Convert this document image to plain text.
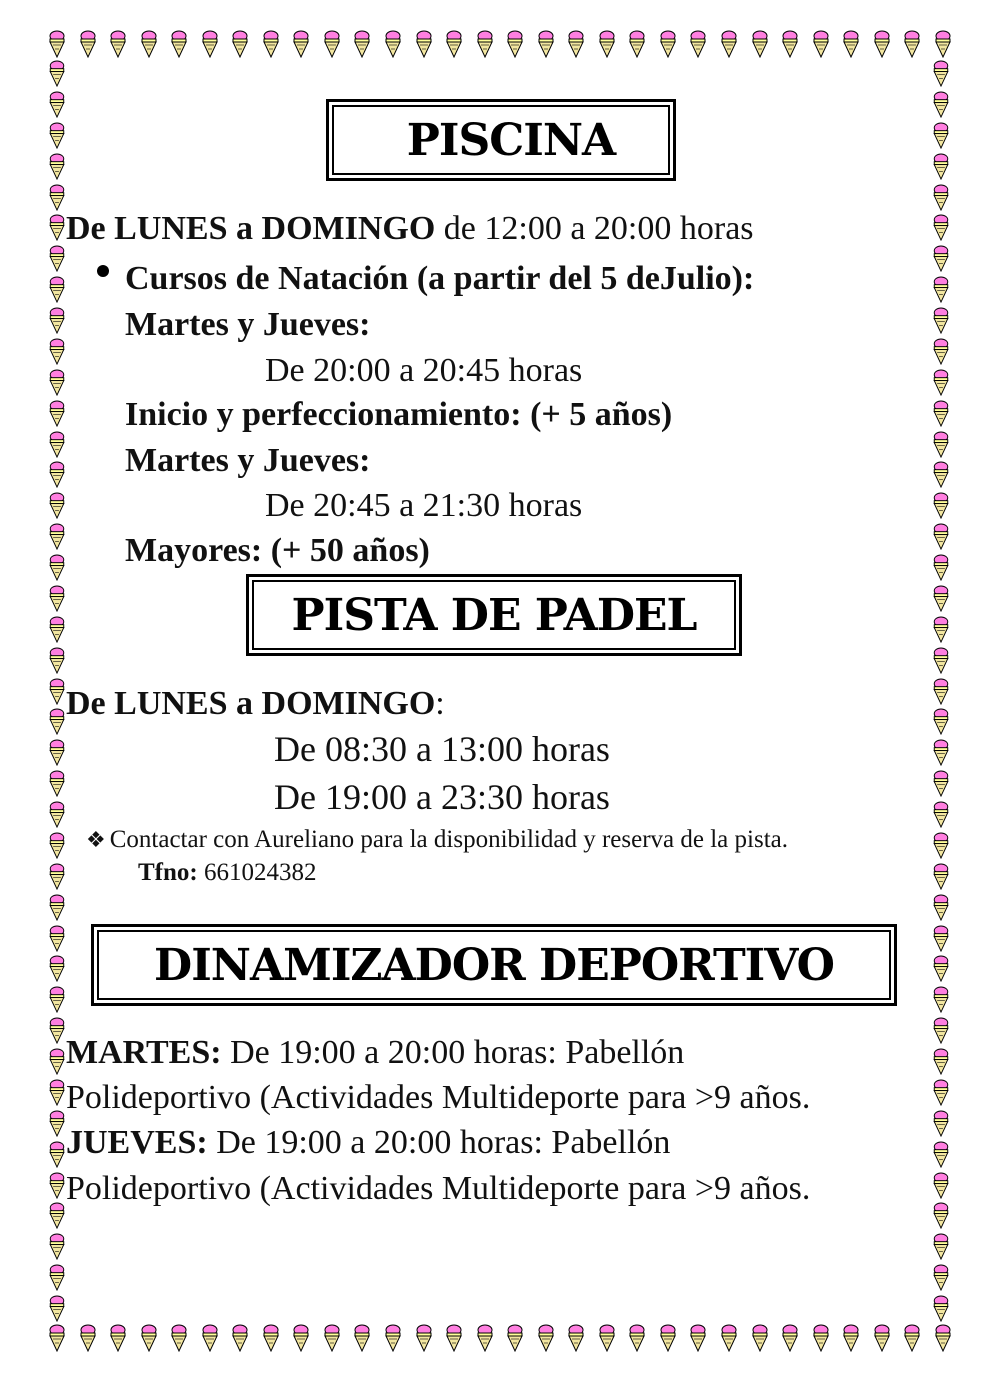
PISCINA
De LUNES a DOMINGO de 12:00 a 20:00 horas
Cursos de Natación (a partir del 5 deJulio):
Martes y Jueves:
De 20:00 a 20:45 horas
Inicio y perfeccionamiento: (+ 5 años)
Martes y Jueves:
De 20:45 a 21:30 horas
Mayores: (+ 50 años)
PISTA DE PADEL
De LUNES a DOMINGO:
De 08:30 a 13:00 horas
De 19:00 a 23:30 horas
❖ Contactar con Aureliano para la disponibilidad y reserva de la pista.
Tfno: 661024382
DINAMIZADOR DEPORTIVO
MARTES: De 19:00 a 20:00 horas: Pabellón
Polideportivo (Actividades Multideporte para >9 años.
JUEVES: De 19:00 a 20:00 horas: Pabellón
Polideportivo (Actividades Multideporte para >9 años.
